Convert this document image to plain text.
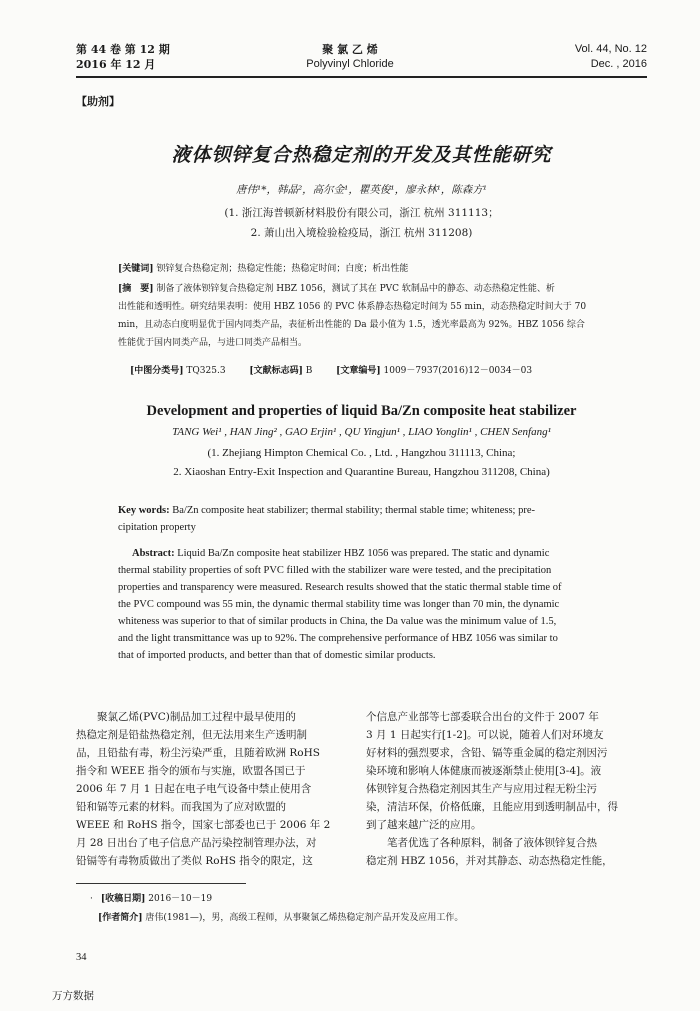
第 44 卷 第 12 期
2016 年 12 月
聚 氯 乙 烯
Polyvinyl Chloride
Vol. 44, No. 12
Dec. , 2016
【助剂】
液体钡锌复合热稳定剂的开发及其性能研究
唐伟¹*，韩晶²，高尔金¹，瞿英俊¹，廖永林¹，陈森方¹
(1. 浙江海普顿新材料股份有限公司，浙江 杭州 311113；
2. 萧山出入境检验检疫局，浙江 杭州 311208)
[关键词] 钡锌复合热稳定剂；热稳定性能；热稳定时间；白度；析出性能
[摘　要] 制备了液体钡锌复合热稳定剂 HBZ 1056，测试了其在 PVC 软制品中的静态、动态热稳定性能、析
出性能和透明性。研究结果表明：使用 HBZ 1056 的 PVC 体系静态热稳定时间为 55 min，动态热稳定时间大于 70
min，且动态白度明显优于国内同类产品，表征析出性能的 Da 最小值为 1.5，透光率最高为 92%。HBZ 1056 综合
性能优于国内同类产品，与进口同类产品相当。
[中图分类号] TQ325.3	[文献标志码] B	[文章编号] 1009－7937(2016)12－0034－03
Development and properties of liquid Ba/Zn composite heat stabilizer
TANG Wei¹ , HAN Jing² , GAO Erjin¹ , QU Yingjun¹ , LIAO Yonglin¹ , CHEN Senfang¹
(1. Zhejiang Himpton Chemical Co. , Ltd. , Hangzhou 311113, China;
2. Xiaoshan Entry-Exit Inspection and Quarantine Bureau, Hangzhou 311208, China)
Key words: Ba/Zn composite heat stabilizer; thermal stability; thermal stable time; whiteness; pre-
cipitation property
Abstract: Liquid Ba/Zn composite heat stabilizer HBZ 1056 was prepared. The static and dynamic
thermal stability properties of soft PVC filled with the stabilizer ware were tested, and the precipitation
properties and transparency were measured. Research results showed that the static thermal stable time of
the PVC compound was 55 min, the dynamic thermal stability time was longer than 70 min, the dynamic
whiteness was superior to that of similar products in China, the Da value was the minimum value of 1.5,
and the light transmittance was up to 92%. The comprehensive performance of HBZ 1056 was similar to
that of imported products, and better than that of domestic similar products.
　　聚氯乙烯(PVC)制品加工过程中最早使用的
热稳定剂是铅盐热稳定剂，但无法用来生产透明制
品，且铅盐有毒，粉尘污染严重，且随着欧洲 RoHS
指令和 WEEE 指令的颁布与实施，欧盟各国已于
2006 年 7 月 1 日起在电子电气设备中禁止使用含
铅和镉等元素的材料。而我国为了应对欧盟的
WEEE 和 RoHS 指令，国家七部委也已于 2006 年 2
月 28 日出台了电子信息产品污染控制管理办法，对
铅镉等有毒物质做出了类似 RoHS 指令的限定，这
个信息产业部等七部委联合出台的文件于 2007 年
3 月 1 日起实行[1-2]。可以说，随着人们对环境友
好材料的强烈要求，含铅、镉等重金属的稳定剂因污
染环境和影响人体健康而被逐渐禁止使用[3-4]。液
体钡锌复合热稳定剂因其生产与应用过程无粉尘污
染，清洁环保，价格低廉，且能应用到透明制品中，得
到了越来越广泛的应用。
　　笔者优选了各种原料，制备了液体钡锌复合热
稳定剂 HBZ 1056，并对其静态、动态热稳定性能，
· [收稿日期] 2016－10－19
[作者简介] 唐伟(1981—)，男，高级工程师，从事聚氯乙烯热稳定剂产品开发及应用工作。
34
万方数据
